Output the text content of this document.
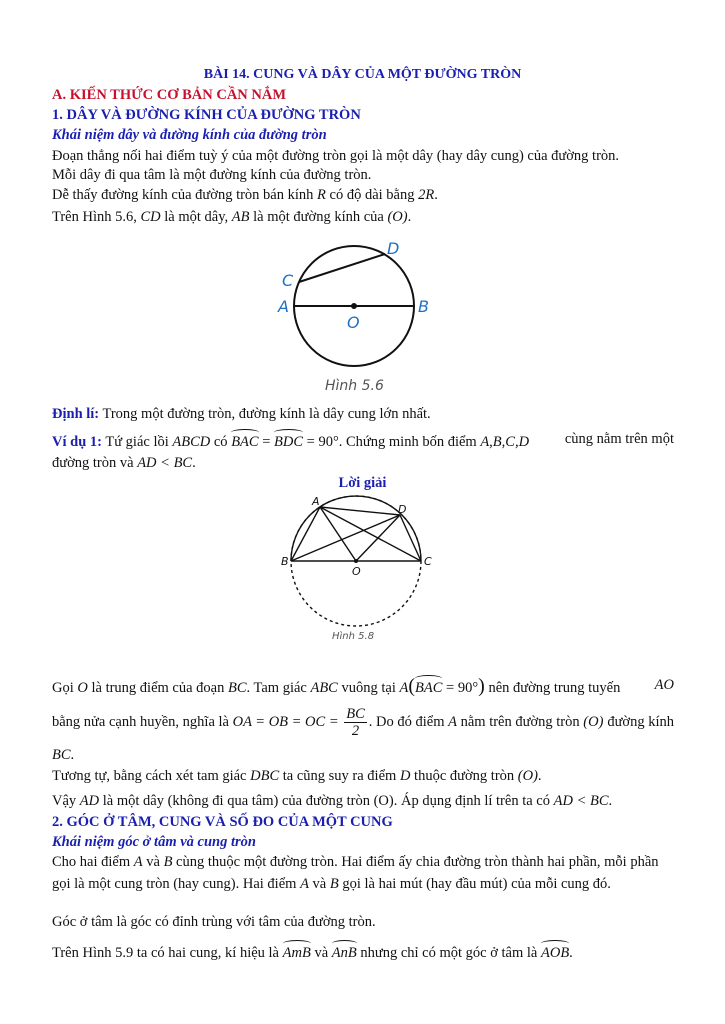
BÀI 14. CUNG VÀ DÂY CỦA MỘT ĐƯỜNG TRÒN
A. KIẾN THỨC CƠ BẢN CẦN NẮM
1. DÂY VÀ ĐƯỜNG KÍNH CỦA ĐƯỜNG TRÒN
Khái niệm dây và đường kính của đường tròn
Đoạn thẳng nối hai điểm tuỳ ý của một đường tròn gọi là một dây (hay dây cung) của đường tròn.
Mỗi dây đi qua tâm là một đường kính của đường tròn.
Dễ thấy đường kính của đường tròn bán kính R có độ dài bằng 2R.
Trên Hình 5.6, CD là một dây, AB là một đường kính của (O).
C
D
A	B
O
Hình 5.6
Định lí: Trong một đường tròn, đường kính là dây cung lớn nhất.
Ví dụ 1: Tứ giác lồi ABCD có BAC = BDC = 90°. Chứng minh bốn điểm A,B,C,D cùng nằm trên một
đường tròn và AD < BC.
Lời giải
A
D
B	C
O
Hình 5.8
Gọi O là trung điểm của đoạn BC. Tam giác ABC vuông tại A(BAC = 90°) nên đường trung tuyến AO
bằng nửa cạnh huyền, nghĩa là OA = OB = OC = $\frac{BC}{2}$ . Do đó điểm A nằm trên đường tròn (O) đường kính
BC.
Tương tự, bằng cách xét tam giác DBC ta cũng suy ra điểm D thuộc đường tròn (O).
Vậy AD là một dây (không đi qua tâm) của đường tròn (O). Áp dụng định lí trên ta có AD < BC.
2. GÓC Ở TÂM, CUNG VÀ SỐ ĐO CỦA MỘT CUNG
Khái niệm góc ở tâm và cung tròn
Cho hai điểm A và B cùng thuộc một đường tròn. Hai điểm ấy chia đường tròn thành hai phần, mỗi phần
gọi là một cung tròn (hay cung). Hai điểm A và B gọi là hai mút (hay đầu mút) của mỗi cung đó.
Góc ở tâm là góc có đỉnh trùng với tâm của đường tròn.
Trên Hình 5.9 ta có hai cung, kí hiệu là AmB và AnB nhưng chỉ có một góc ở tâm là AOB.
